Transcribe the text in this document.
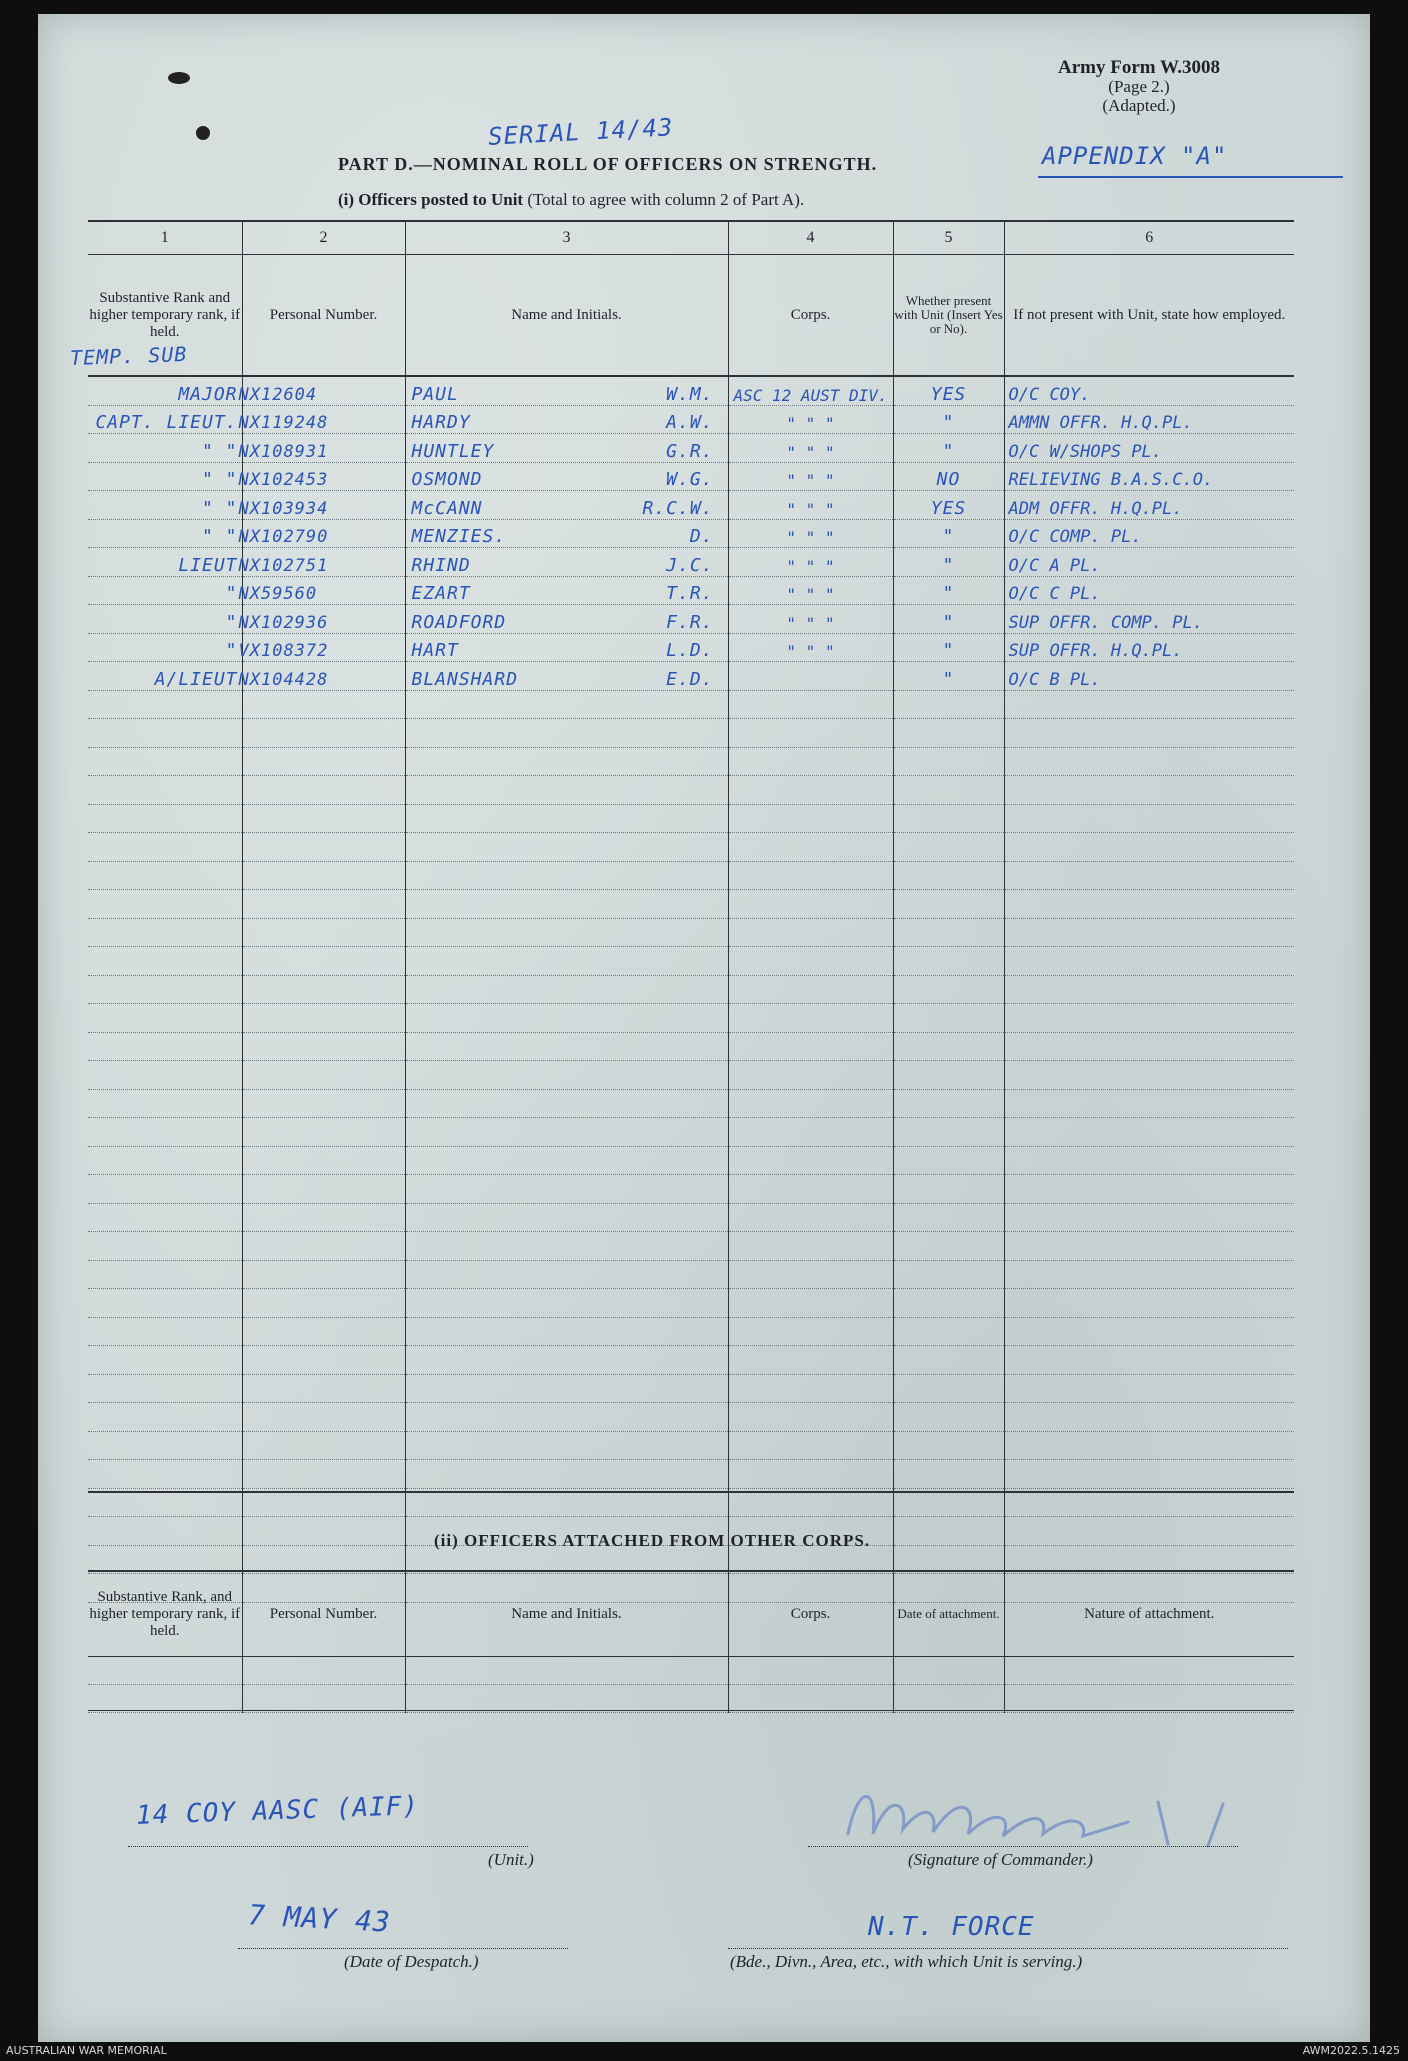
Army Form W.3008
(Page 2.)
(Adapted.)
SERIAL 14/43
APPENDIX "A"
PART D.—NOMINAL ROLL OF OFFICERS ON STRENGTH.
(i) Officers posted to Unit (Total to agree with column 2 of Part A).
1	2	3	4	5	6
Substantive Rank and higher temporary rank, if held.	Personal Number.	Name and Initials.	Corps.	Whether present with Unit (Insert Yes or No).	If not present with Unit, state how employed.

MAJOR	NX12604	PAUL W.M.	ASC 12 AUST DIV.	YES	O/C COY.

CAPT. LIEUT.	NX119248	HARDY A.W.	" " "	"	AMMN OFFR. H.Q.PL.

" "	NX108931	HUNTLEY G.R.	" " "	"	O/C W/SHOPS PL.

" "	NX102453	OSMOND W.G.	" " "	NO	RELIEVING B.A.S.C.O.

" "	NX103934	McCANN R.C.W.	" " "	YES	ADM OFFR. H.Q.PL.

" "	NX102790	MENZIES. D.	" " "	"	O/C COMP. PL.

LIEUT	NX102751	RHIND J.C.	" " "	"	O/C A PL.

"	NX59560	EZART T.R.	" " "	"	O/C C PL.

"	NX102936	ROADFORD F.R.	" " "	"	SUP OFFR. COMP. PL.

"	VX108372	HART L.D.	" " "	"	SUP OFFR. H.Q.PL.

A/LIEUT	NX104428	BLANSHARD E.D.		"	O/C B PL.

TEMP. SUB
(ii) OFFICERS ATTACHED FROM OTHER CORPS.
Substantive Rank, and higher temporary rank, if held.	Personal Number.	Name and Initials.	Corps.	Date of attachment.	Nature of attachment.

14 COY AASC (AIF)
(Unit.)	(Signature of Commander.)
7 MAY 43
(Date of Despatch.)
N.T. FORCE
(Bde., Divn., Area, etc., with which Unit is serving.)
AUSTRALIAN WAR MEMORIAL	AWM2022.5.1425
